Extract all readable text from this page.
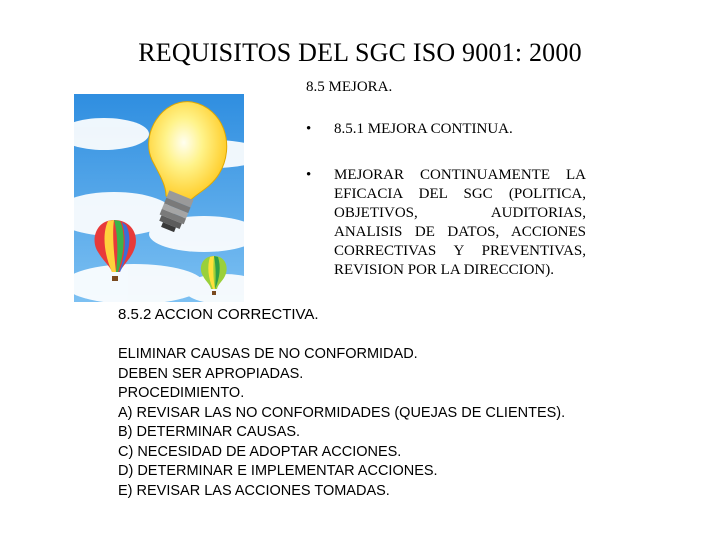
REQUISITOS DEL SGC ISO 9001: 2000
8.5 MEJORA.
• 8.5.1 MEJORA CONTINUA.
• MEJORAR CONTINUAMENTE LA EFICACIA DEL SGC (POLITICA, OBJETIVOS, AUDITORIAS, ANALISIS DE DATOS, ACCIONES CORRECTIVAS Y PREVENTIVAS, REVISION POR LA DIRECCION).
8.5.2 ACCION CORRECTIVA.
ELIMINAR CAUSAS DE NO CONFORMIDAD.
DEBEN SER APROPIADAS.
PROCEDIMIENTO.
A) REVISAR LAS NO CONFORMIDADES (QUEJAS DE CLIENTES).
B) DETERMINAR CAUSAS.
C) NECESIDAD DE ADOPTAR ACCIONES.
D) DETERMINAR E IMPLEMENTAR ACCIONES.
E) REVISAR LAS ACCIONES TOMADAS.
